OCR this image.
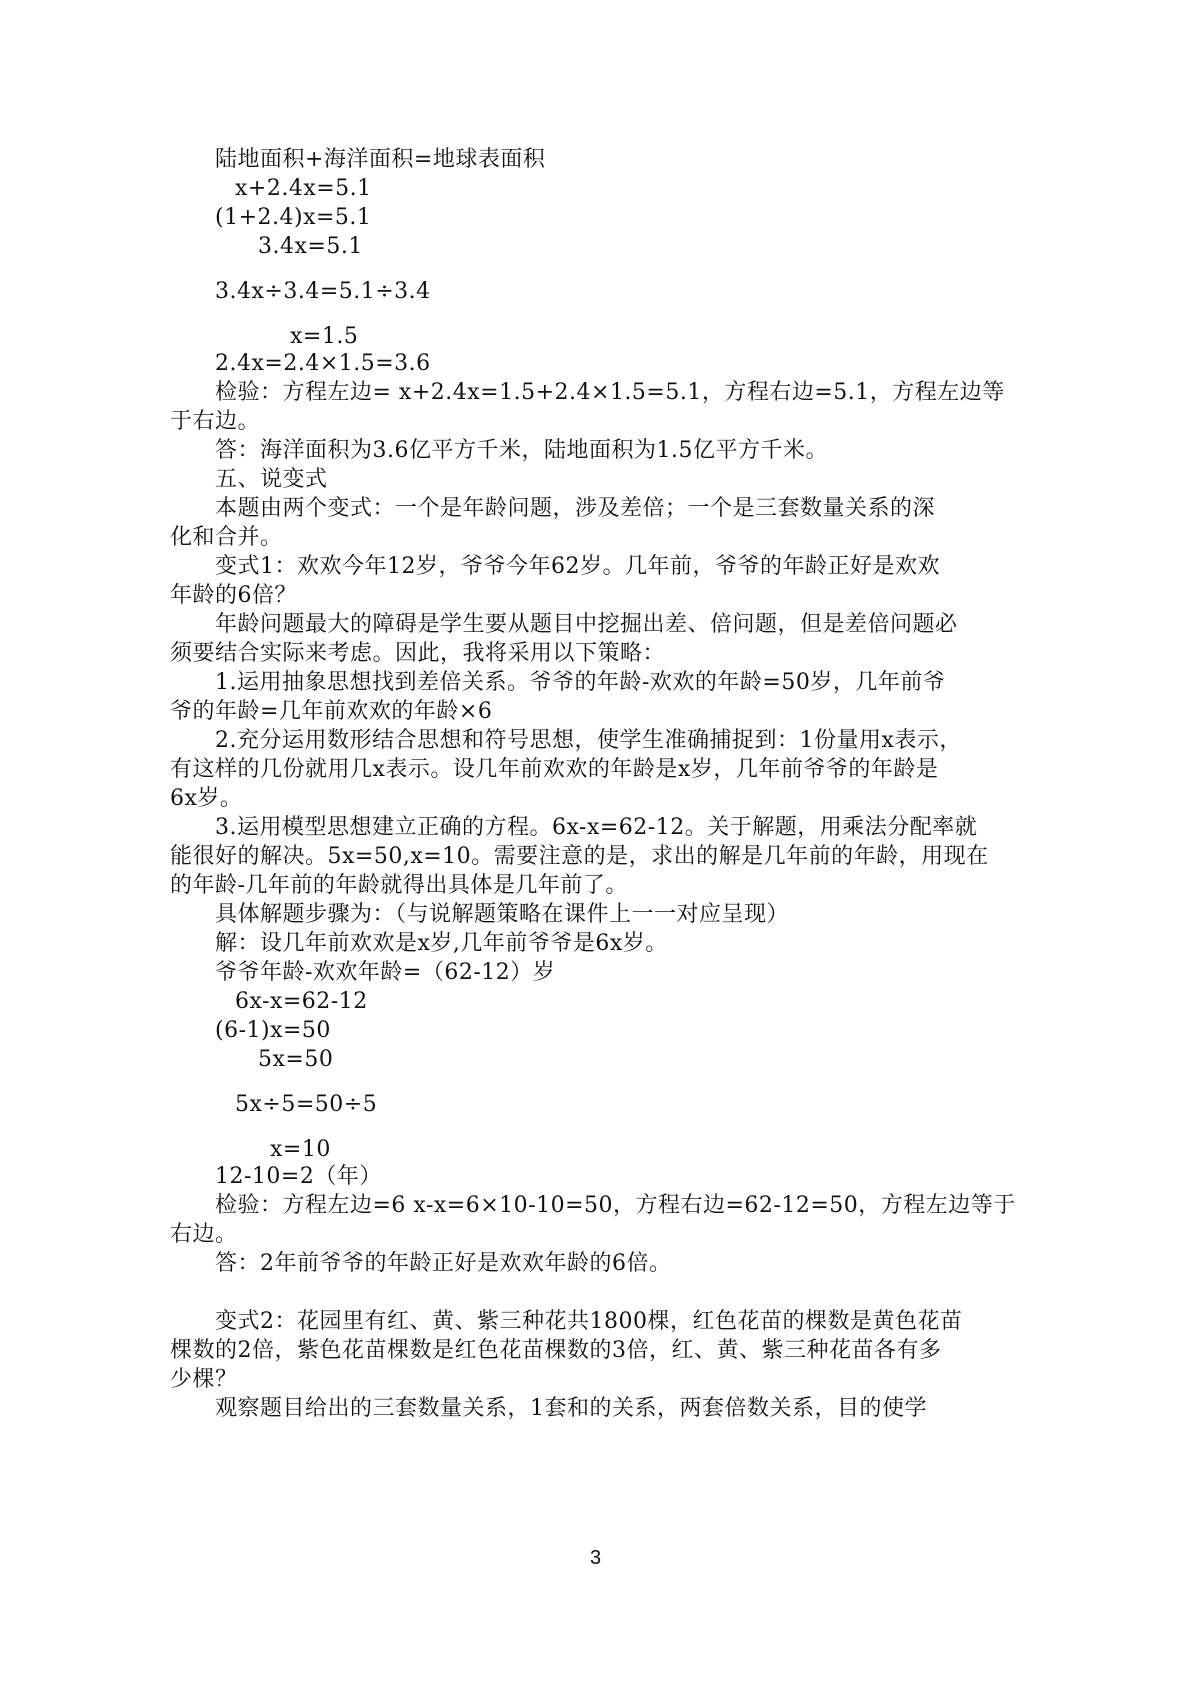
陆地面积+海洋面积=地球表面积
x+2.4x=5.1
(1+2.4)x=5.1
3.4x=5.1
3.4x÷3.4=5.1÷3.4
x=1.5
2.4x=2.4×1.5=3.6
检验：方程左边= x+2.4x=1.5+2.4×1.5=5.1，方程右边=5.1，方程左边等
于右边。
答：海洋面积为3.6亿平方千米，陆地面积为1.5亿平方千米。
五、说变式
本题由两个变式：一个是年龄问题，涉及差倍；一个是三套数量关系的深
化和合并。
变式1：欢欢今年12岁，爷爷今年62岁。几年前，爷爷的年龄正好是欢欢
年龄的6倍？
年龄问题最大的障碍是学生要从题目中挖掘出差、倍问题，但是差倍问题必
须要结合实际来考虑。因此，我将采用以下策略：
1.运用抽象思想找到差倍关系。爷爷的年龄-欢欢的年龄=50岁，几年前爷
爷的年龄=几年前欢欢的年龄×6
2.充分运用数形结合思想和符号思想，使学生准确捕捉到：1份量用x表示，
有这样的几份就用几x表示。设几年前欢欢的年龄是x岁，几年前爷爷的年龄是
6x岁。
3.运用模型思想建立正确的方程。6x-x=62-12。关于解题，用乘法分配率就
能很好的解决。5x=50,x=10。需要注意的是，求出的解是几年前的年龄，用现在
的年龄-几年前的年龄就得出具体是几年前了。
具体解题步骤为：（与说解题策略在课件上一一对应呈现）
解：设几年前欢欢是x岁,几年前爷爷是6x岁。
爷爷年龄-欢欢年龄=（62-12）岁
6x-x=62-12
(6-1)x=50
5x=50
5x÷5=50÷5
x=10
12-10=2（年）
检验：方程左边=6 x-x=6×10-10=50，方程右边=62-12=50，方程左边等于
右边。
答：2年前爷爷的年龄正好是欢欢年龄的6倍。
变式2：花园里有红、黄、紫三种花共1800棵，红色花苗的棵数是黄色花苗
棵数的2倍，紫色花苗棵数是红色花苗棵数的3倍，红、黄、紫三种花苗各有多
少棵？
观察题目给出的三套数量关系，1套和的关系，两套倍数关系，目的使学
3
